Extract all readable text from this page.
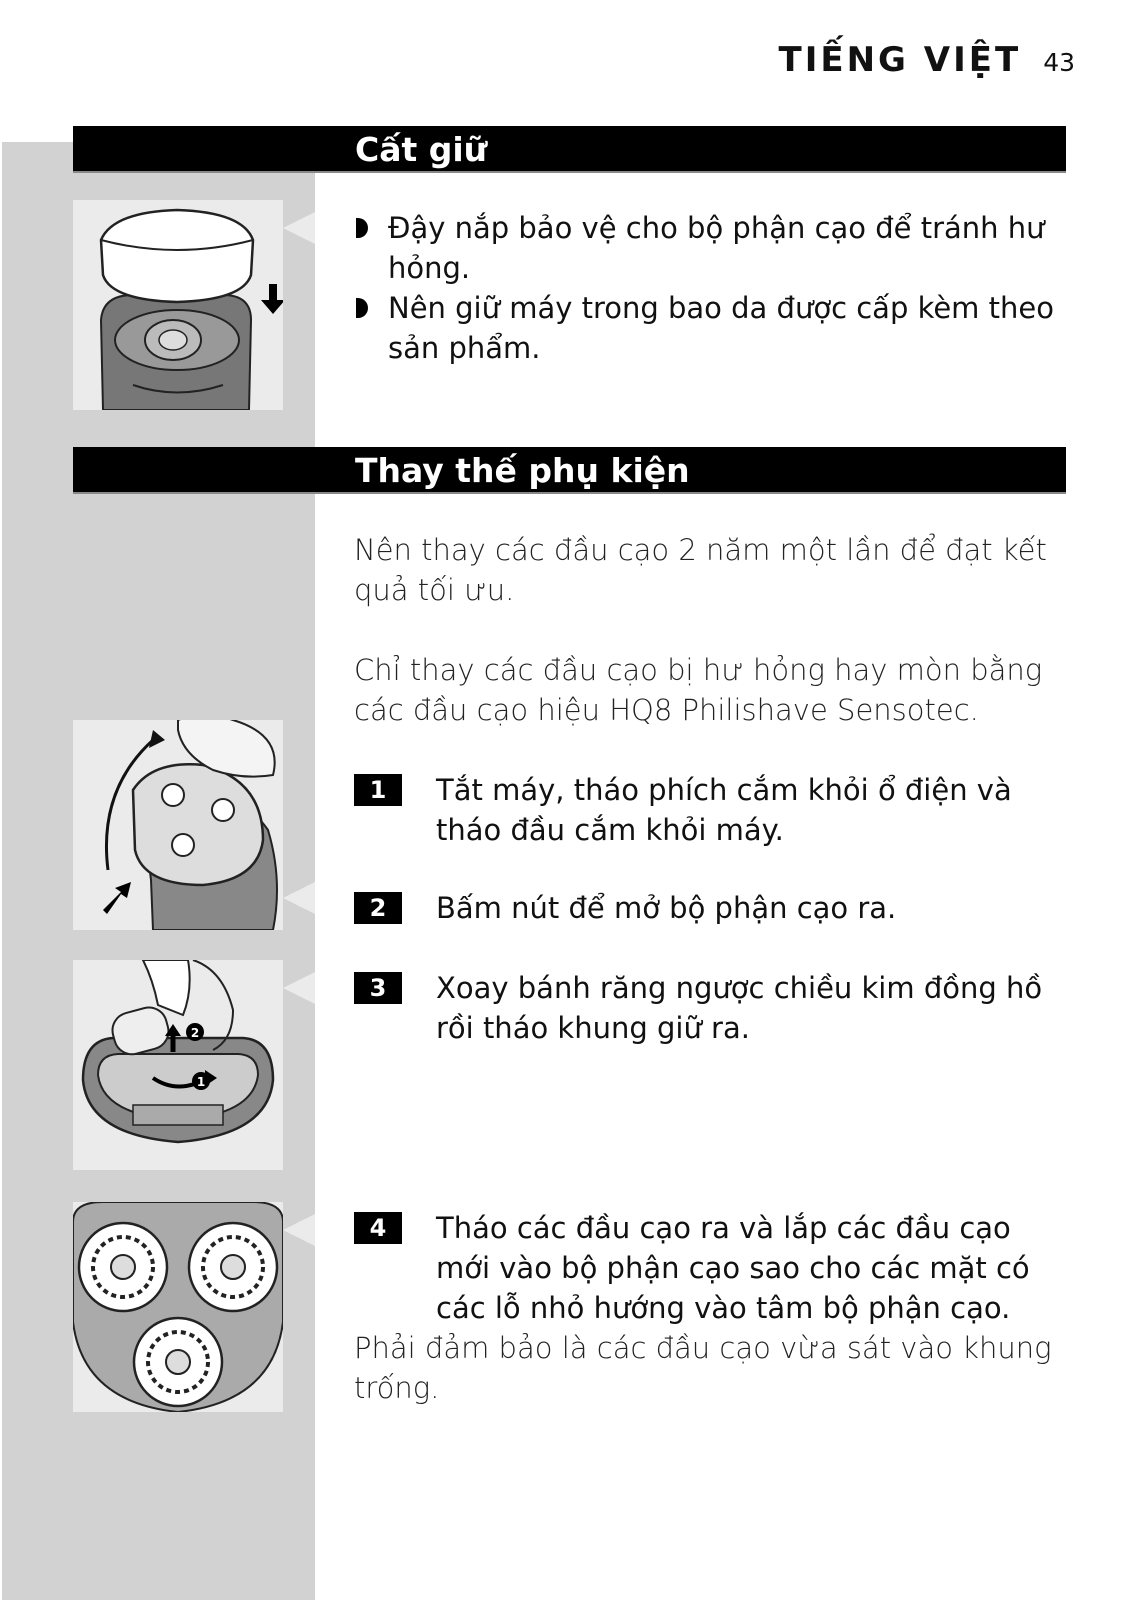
TIẾNG VIỆT 43
Cất giữ
Đậy nắp bảo vệ cho bộ phận cạo để tránh hư hỏng.
Nên giữ máy trong bao da được cấp kèm theo sản phẩm.
Thay thế phụ kiện
Nên thay các đầu cạo 2 năm một lần để đạt kết quả tối ưu.
Chỉ thay các đầu cạo bị hư hỏng hay mòn bằng các đầu cạo hiệu HQ8 Philishave Sensotec.
1	Tắt máy, tháo phích cắm khỏi ổ điện và tháo đầu cắm khỏi máy.
2	Bấm nút để mở bộ phận cạo ra.
2
1
3	Xoay bánh răng ngược chiều kim đồng hồ rồi tháo khung giữ ra.
4	Tháo các đầu cạo ra và lắp các đầu cạo mới vào bộ phận cạo sao cho các mặt có các lỗ nhỏ hướng vào tâm bộ phận cạo.
Phải đảm bảo là các đầu cạo vừa sát vào khung trống.
